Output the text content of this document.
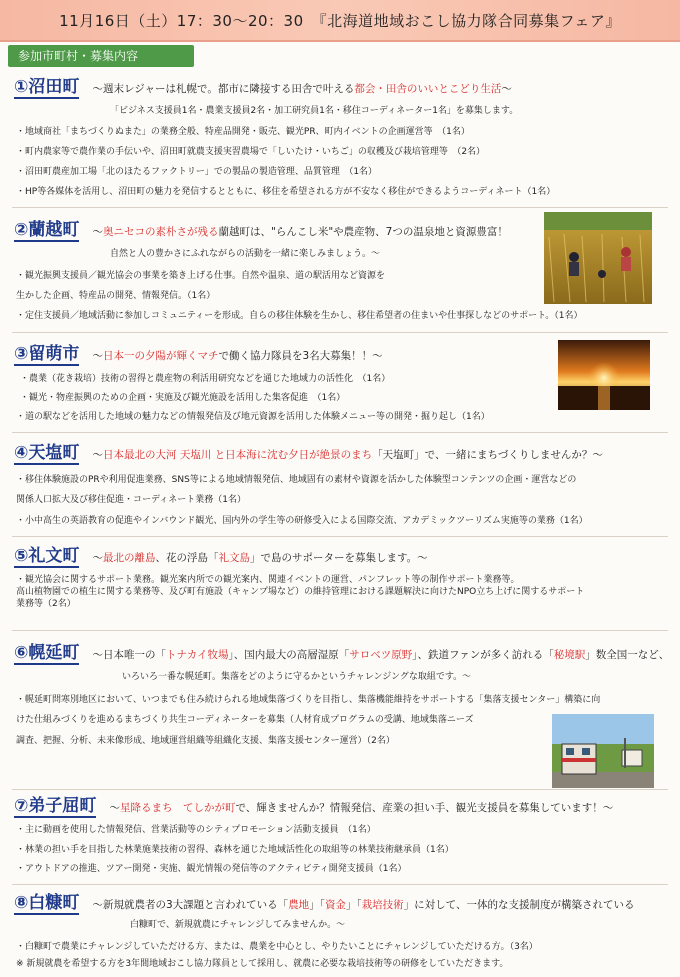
11月16日（土）17：30〜20：30　『北海道地域おこし協力隊合同募集フェア』
参加市町村・募集内容
①沼田町 〜週末レジャーは札幌で。都市に隣接する田舎で叶える都会・田舎のいいとこどり生活〜
「ビジネス支援員1名・農業支援員2名・加工研究員1名・移住コーディネーター1名」を募集します。
・地域商社「まちづくりぬまた」の業務全般、特産品開発・販売、観光PR、町内イベントの企画運営等　（1名）
・町内農家等で農作業の手伝いや、沼田町就農支援実習農場で「しいたけ・いちご」の収穫及び栽培管理等　（2名）
・沼田町農産加工場「北のほたるファクトリー」での製品の製造管理、品質管理　（1名）
・HP等各媒体を活用し、沼田町の魅力を発信するとともに、移住を希望される方が不安なく移住ができるようコーディネート（1名）
②蘭越町 〜奥ニセコの素朴さが残る蘭越町は、"らんこし米"や農産物、7つの温泉地と資源豊富！
自然と人の豊かさにふれながらの活動を一緒に楽しみましょう。〜
・観光振興支援員／観光協会の事業を築き上げる仕事。自然や温泉、道の駅活用など資源を
生かした企画、特産品の開発、情報発信。（1名）
・定住支援員／地域活動に参加しコミュニティーを形成。自らの移住体験を生かし、移住希望者の住まいや仕事探しなどのサポート。（1名）
③留萌市 〜日本一の夕陽が輝くマチで働く協力隊員を3名大募集！！〜
・農業（花き栽培）技術の習得と農産物の利活用研究などを通じた地域力の活性化　（1名）
・観光・物産振興のための企画・実施及び観光施設を活用した集客促進　（1名）
・道の駅などを活用した地域の魅力などの情報発信及び地元資源を活用した体験メニュー等の開発・掘り起し（1名）
④天塩町 〜日本最北の大河 天塩川 と日本海に沈む夕日が絶景のまち「天塩町」で、一緒にまちづくりしませんか？〜
・移住体験施設のPRや利用促進業務、SNS等による地域情報発信、地域固有の素材や資源を活かした体験型コンテンツの企画・運営などの
関係人口拡大及び移住促進・コーディネート業務（1名）
・小中高生の英語教育の促進やインバウンド観光、国内外の学生等の研修受入による国際交流、アカデミックツーリズム実施等の業務（1名）
⑤礼文町 〜最北の離島、花の浮島「礼文島」で島のサポーターを募集します。〜
・観光協会に関するサポート業務。観光案内所での観光案内、関連イベントの運営、パンフレット等の制作サポート業務等。
高山植物園での植生に関する業務等、及び町有施設（キャンプ場など）の維持管理における課題解決に向けたNPO立ち上げに関するサポート
業務等（2名）
⑥幌延町 〜日本唯一の「トナカイ牧場」、国内最大の高層湿原「サロベツ原野」、鉄道ファンが多く訪れる「秘境駅」数全国一など、
いろいろ一番な幌延町。集落をどのように守るかというチャレンジングな取組です。〜
・幌延町問寒別地区において、いつまでも住み続けられる地域集落づくりを目指し、集落機能維持をサポートする「集落支援センター」構築に向
けた仕組みづくりを進めるまちづくり共生コーディネーターを募集（人材育成プログラムの受講、地域集落ニーズ
調査、把握、分析、未来像形成、地域運営組織等組織化支援、集落支援センター運営）（2名）
⑦弟子屈町 〜星降るまち　てしかが町で、輝きませんか？情報発信、産業の担い手、観光支援員を募集しています！〜
・主に動画を使用した情報発信、営業活動等のシティプロモーション活動支援員　（1名）
・林業の担い手を目指した林業施業技術の習得、森林を通じた地域活性化の取組等の林業技術継承員（1名）
・アウトドアの推進、ツアー開発・実施、観光情報の発信等のアクティビティ開発支援員（1名）
⑧白糠町 〜新規就農者の3大課題と言われている「農地」「資金」「栽培技術」に対して、一体的な支援制度が構築されている
白糠町で、新規就農にチャレンジしてみませんか。〜
・白糠町で農業にチャレンジしていただける方、または、農業を中心とし、やりたいことにチャレンジしていただける方。（3名）
※ 新規就農を希望する方を3年間地域おこし協力隊員として採用し、就農に必要な栽培技術等の研修をしていただきます。
